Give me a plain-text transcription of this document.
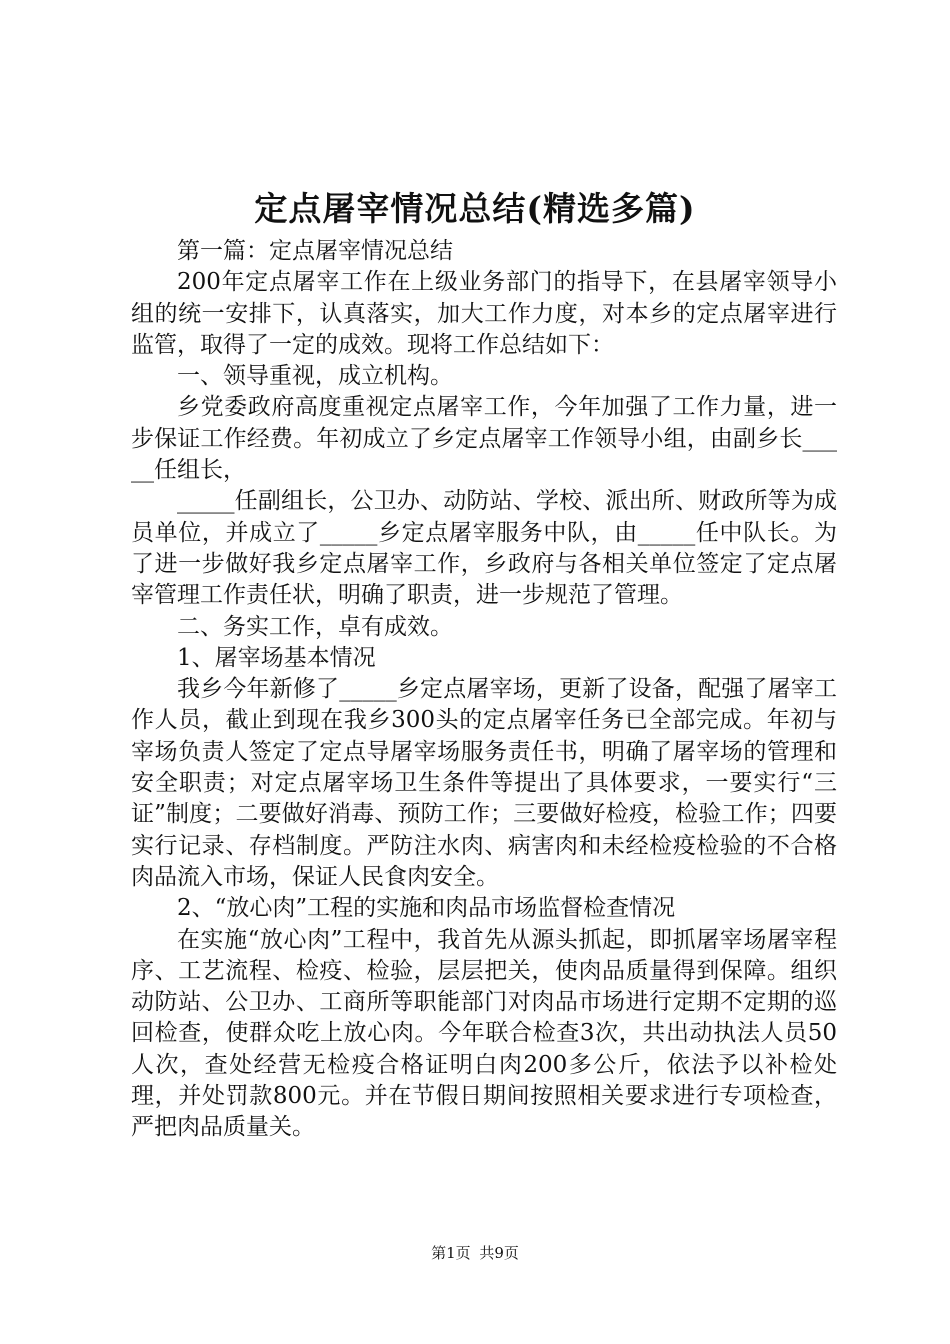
定点屠宰情况总结(精选多篇)

第一篇：定点屠宰情况总结

200年定点屠宰工作在上级业务部门的指导下，在县屠宰领导小组的统一安排下，认真落实，加大工作力度，对本乡的定点屠宰进行监管，取得了一定的成效。现将工作总结如下：

一、领导重视，成立机构。

乡党委政府高度重视定点屠宰工作，今年加强了工作力量，进一步保证工作经费。年初成立了乡定点屠宰工作领导小组，由副乡长_____任组长，

_____任副组长，公卫办、动防站、学校、派出所、财政所等为成员单位，并成立了_____乡定点屠宰服务中队，由_____任中队长。为了进一步做好我乡定点屠宰工作，乡政府与各相关单位签定了定点屠宰管理工作责任状，明确了职责，进一步规范了管理。

二、务实工作，卓有成效。

1、屠宰场基本情况

我乡今年新修了_____乡定点屠宰场，更新了设备，配强了屠宰工作人员，截止到现在我乡300头的定点屠宰任务已全部完成。年初与宰场负责人签定了定点导屠宰场服务责任书，明确了屠宰场的管理和安全职责；对定点屠宰场卫生条件等提出了具体要求，一要实行“三证”制度；二要做好消毒、预防工作；三要做好检疫，检验工作；四要实行记录、存档制度。严防注水肉、病害肉和未经检疫检验的不合格肉品流入市场，保证人民食肉安全。

2、“放心肉”工程的实施和肉品市场监督检查情况

在实施“放心肉”工程中，我首先从源头抓起，即抓屠宰场屠宰程序、工艺流程、检疫、检验，层层把关，使肉品质量得到保障。组织动防站、公卫办、工商所等职能部门对肉品市场进行定期不定期的巡回检查，使群众吃上放心肉。今年联合检查3次，共出动执法人员50人次，查处经营无检疫合格证明白肉200多公斤，依法予以补检处理，并处罚款800元。并在节假日期间按照相关要求进行专项检查，严把肉品质量关。

第1页 共9页
